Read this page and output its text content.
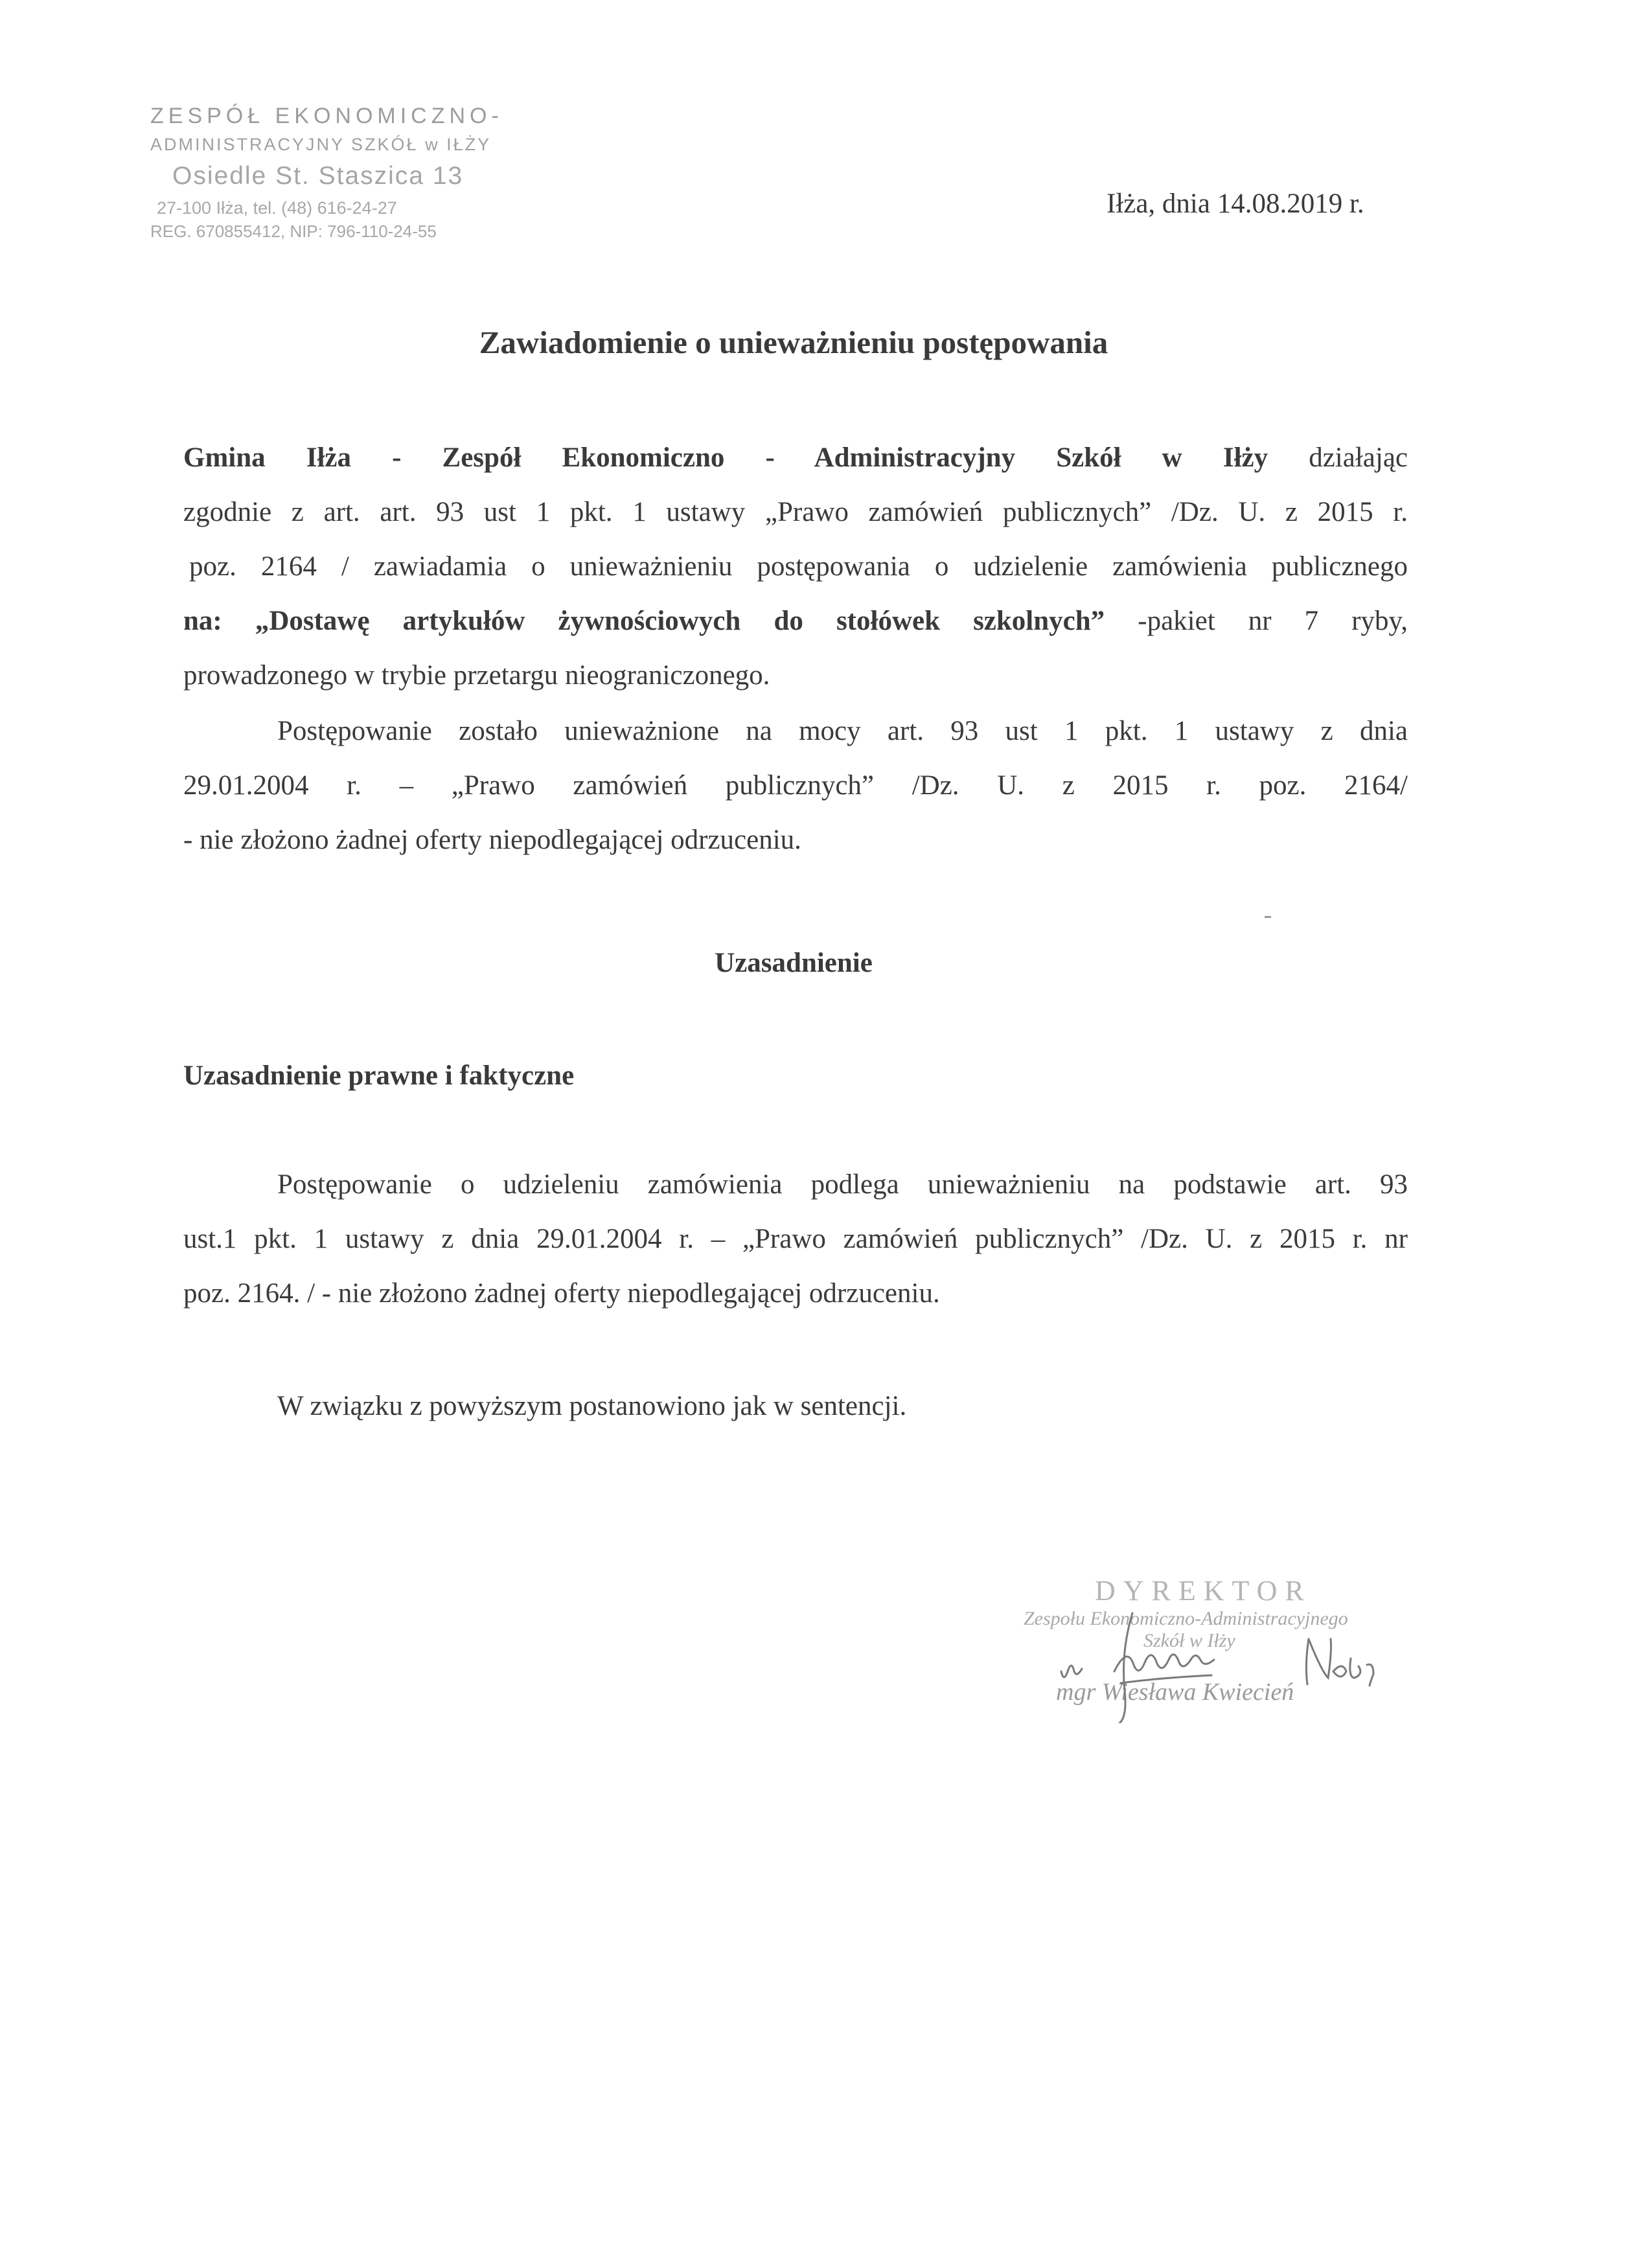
ZESPÓŁ EKONOMICZNO-
ADMINISTRACYJNY SZKÓŁ w IŁŻY
Osiedle St. Staszica 13
27-100 Iłża, tel. (48) 616-24-27
REG. 670855412, NIP: 796-110-24-55
Iłża, dnia 14.08.2019 r.
Zawiadomienie o unieważnieniu postępowania
Gmina Iłża - Zespół Ekonomiczno - Administracyjny Szkół w Iłży działając
zgodnie z art. art. 93 ust 1 pkt. 1 ustawy „Prawo zamówień publicznych” /Dz. U. z 2015 r.
poz. 2164 / zawiadamia o unieważnieniu postępowania o udzielenie zamówienia publicznego
na: „Dostawę artykułów żywnościowych do stołówek szkolnych” -pakiet nr 7 ryby,
prowadzonego w trybie przetargu nieograniczonego.
Postępowanie zostało unieważnione na mocy art. 93 ust 1 pkt. 1 ustawy z dnia
29.01.2004 r. – „Prawo zamówień publicznych” /Dz. U. z 2015 r. poz. 2164/
- nie złożono żadnej oferty niepodlegającej odrzuceniu.
Uzasadnienie
Uzasadnienie prawne i faktyczne
Postępowanie o udzieleniu zamówienia podlega unieważnieniu na podstawie art. 93
ust.1 pkt. 1 ustawy z dnia 29.01.2004 r. – „Prawo zamówień publicznych” /Dz. U. z 2015 r. nr
poz. 2164. / - nie złożono żadnej oferty niepodlegającej odrzuceniu.
W związku z powyższym postanowiono jak w sentencji.
DYREKTOR
Zespołu Ekonomiczno-Administracyjnego
Szkół w Iłży
mgr Wiesława Kwiecień
